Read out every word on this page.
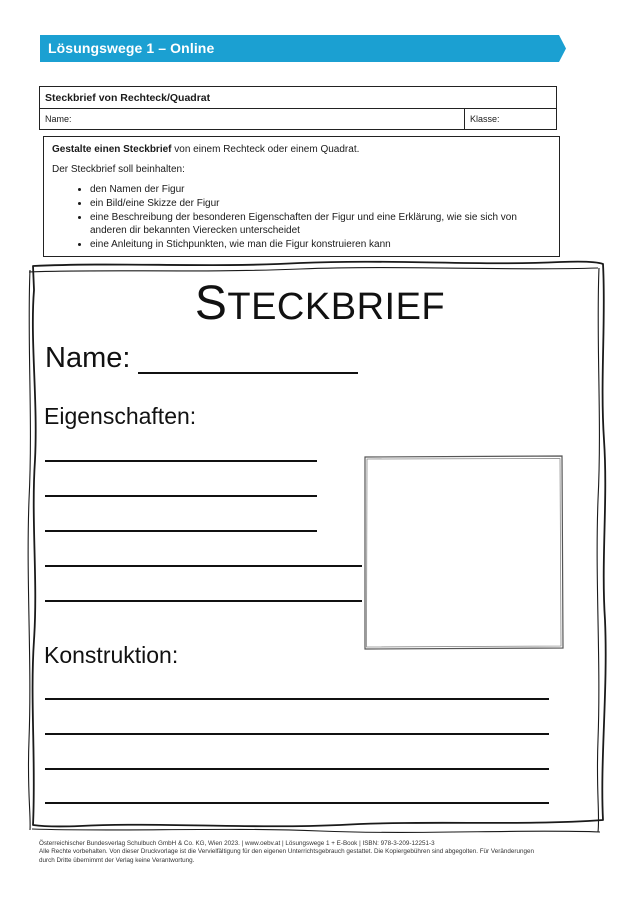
Lösungswege 1 – Online
Steckbrief von Rechteck/Quadrat
Name:	Klasse:

Gestalte einen Steckbrief von einem Rechteck oder einem Quadrat.

Der Steckbrief soll beinhalten:

• den Namen der Figur
• ein Bild/eine Skizze der Figur
• eine Beschreibung der besonderen Eigenschaften der Figur und eine Erklärung, wie sie sich von anderen dir bekannten Vierecken unterscheidet
• eine Anleitung in Stichpunkten, wie man die Figur konstruieren kann
STECKBRIEF
Name:
Eigenschaften:
Konstruktion:
Österreichischer Bundesverlag Schulbuch GmbH & Co. KG, Wien 2023. | www.oebv.at | Lösungswege 1 + E-Book | ISBN: 978-3-209-12251-3
Alle Rechte vorbehalten. Von dieser Druckvorlage ist die Vervielfältigung für den eigenen Unterrichtsgebrauch gestattet. Die Kopiergebühren sind abgegolten. Für Veränderungen
durch Dritte übernimmt der Verlag keine Verantwortung.
